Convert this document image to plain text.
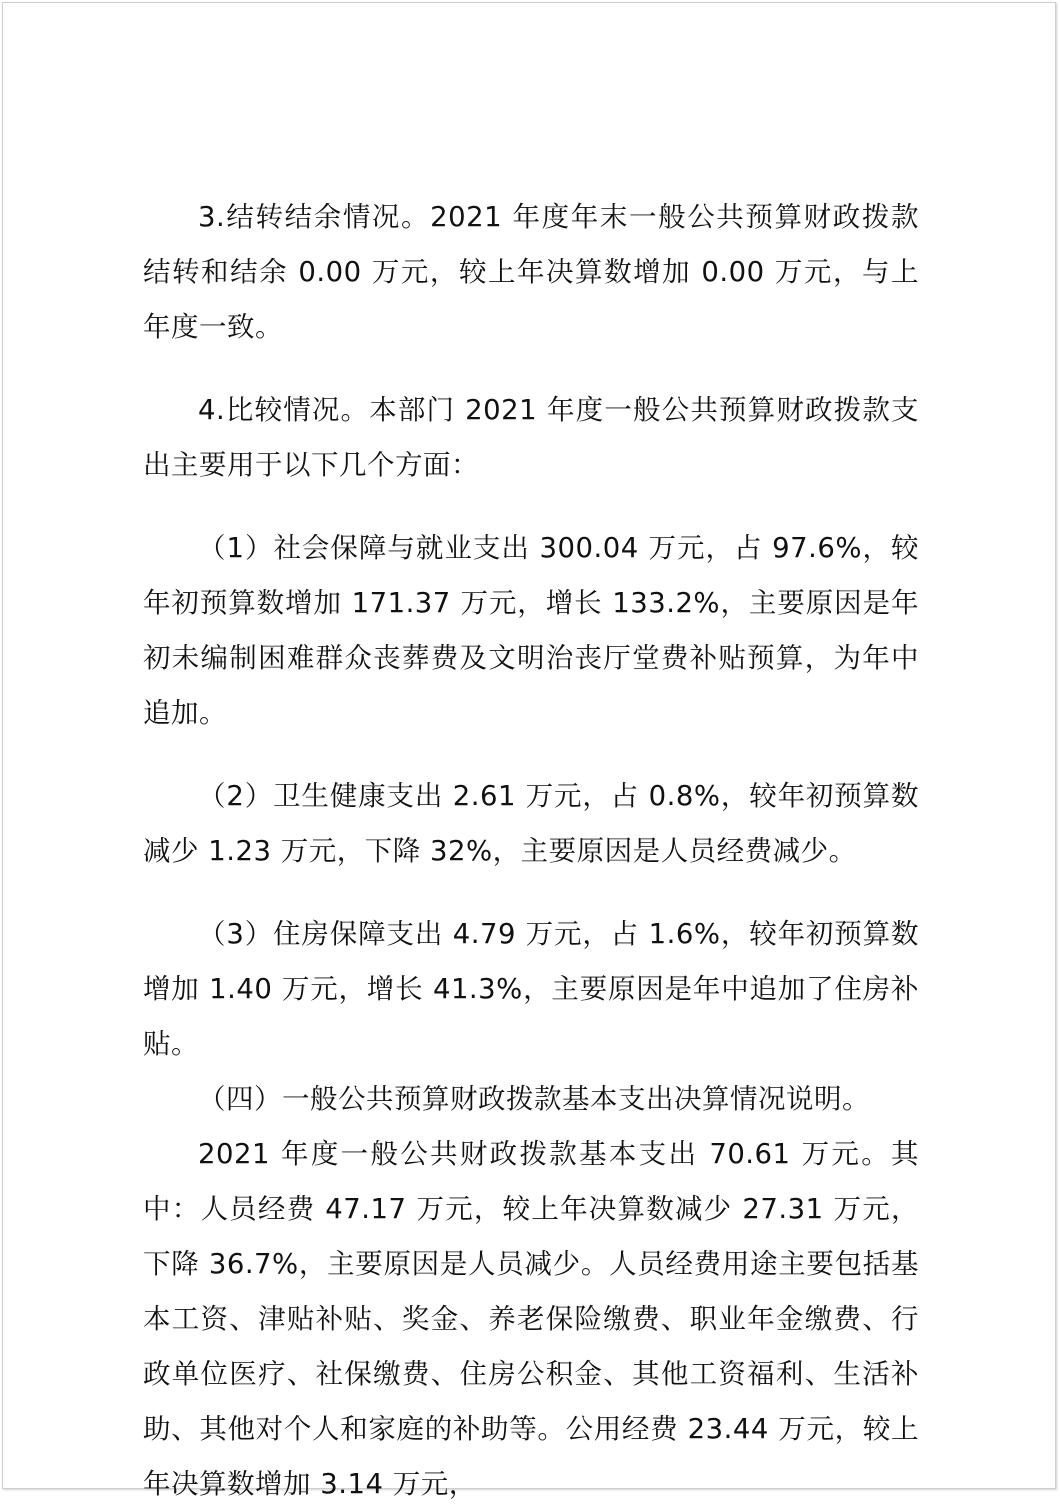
3.结转结余情况。2021 年度年末一般公共预算财政拨款结转和结余 0.00 万元，较上年决算数增加 0.00 万元，与上年度一致。

4.比较情况。本部门 2021 年度一般公共预算财政拨款支出主要用于以下几个方面：

（1）社会保障与就业支出 300.04 万元，占 97.6%，较年初预算数增加 171.37 万元，增长 133.2%，主要原因是年初未编制困难群众丧葬费及文明治丧厅堂费补贴预算，为年中追加。

（2）卫生健康支出 2.61 万元，占 0.8%，较年初预算数减少 1.23 万元，下降 32%，主要原因是人员经费减少。

（3）住房保障支出 4.79 万元，占 1.6%，较年初预算数增加 1.40 万元，增长 41.3%，主要原因是年中追加了住房补贴。

（四）一般公共预算财政拨款基本支出决算情况说明。

2021 年度一般公共财政拨款基本支出 70.61 万元。其中：人员经费 47.17 万元，较上年决算数减少 27.31 万元，下降 36.7%，主要原因是人员减少。人员经费用途主要包括基本工资、津贴补贴、奖金、养老保险缴费、职业年金缴费、行政单位医疗、社保缴费、住房公积金、其他工资福利、生活补助、其他对个人和家庭的补助等。公用经费 23.44 万元，较上年决算数增加 3.14 万元，
